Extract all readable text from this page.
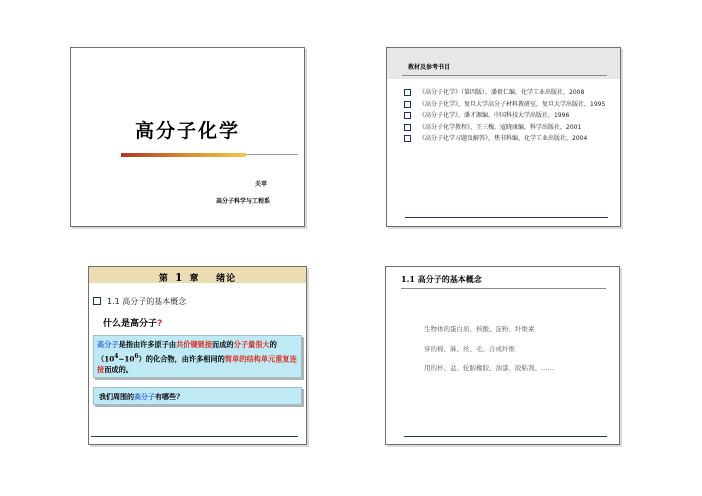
高分子化学
关苹
高分子科学与工程系
教材及参考书目
《高分子化学》（第四版），潘祖仁编，化学工业出版社，2008
《高分子化学》，复旦大学高分子材料教研室，复旦大学出版社，1995
《高分子化学》，潘才源编，中国科技大学出版社，1996
《高分子化学教程》，王三槐、寇晓康编，科学出版社，2001
《高分子化学习题及解答》，焦书科编，化学工业出版社，2004
第 1 章 绪论
1.1 高分子的基本概念
什么是高分子?
高分子是指由许多原子由共价键链接而成的分子量很大的$(10^4\sim 10^6)$的化合物，由许多相同的简单的结构单元重复连接而成的。
我们周围的高分子有哪些?
1.1 高分子的基本概念
生物体的蛋白质、核酸、淀粉、纤维素
穿的棉、麻、丝、毛、合成纤维
用的杯、盆、轮胎橡胶、油漆、胶粘剂、……
